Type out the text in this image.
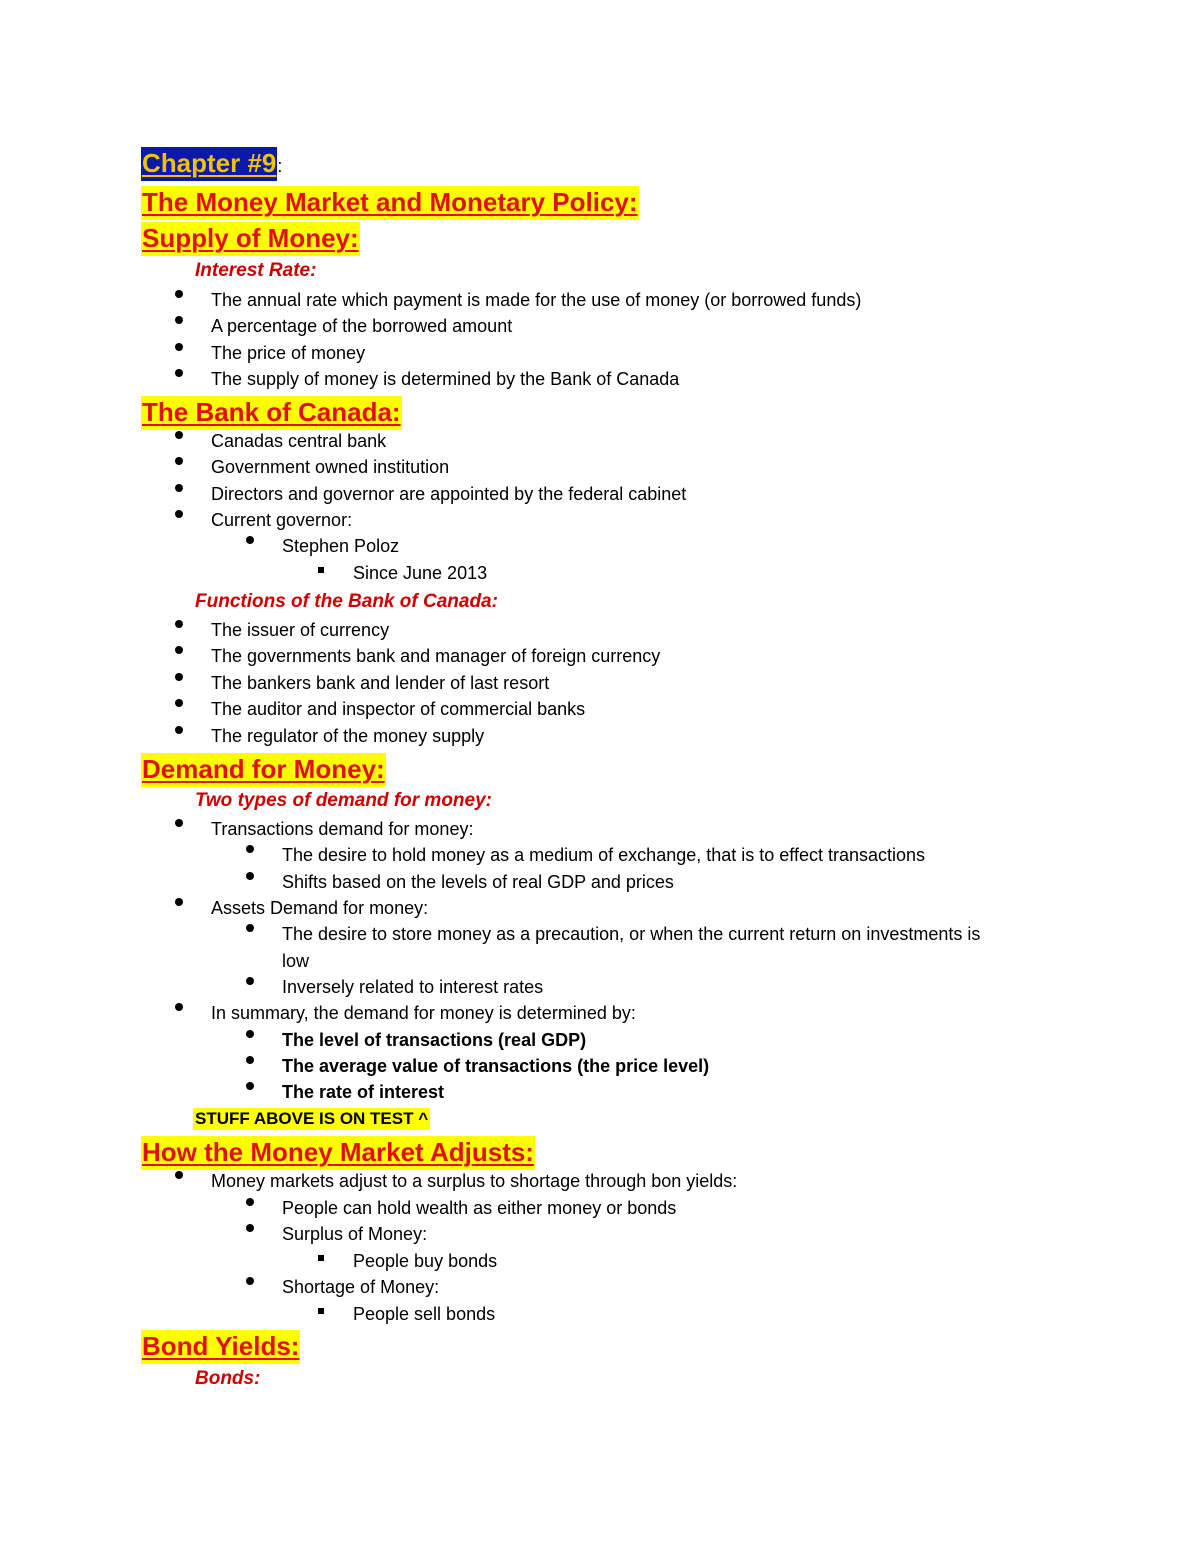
Chapter #9:
The Money Market and Monetary Policy:
Supply of Money:
Interest Rate:
The annual rate which payment is made for the use of money (or borrowed funds)
A percentage of the borrowed amount
The price of money
The supply of money is determined by the Bank of Canada
The Bank of Canada:
Canadas central bank
Government owned institution
Directors and governor are appointed by the federal cabinet
Current governor:
Stephen Poloz
Since June 2013
Functions of the Bank of Canada:
The issuer of currency
The governments bank and manager of foreign currency
The bankers bank and lender of last resort
The auditor and inspector of commercial banks
The regulator of the money supply
Demand for Money:
Two types of demand for money:
Transactions demand for money:
The desire to hold money as a medium of exchange, that is to effect transactions
Shifts based on the levels of real GDP and prices
Assets Demand for money:
The desire to store money as a precaution, or when the current return on investments is
low
Inversely related to interest rates
In summary, the demand for money is determined by:
The level of transactions (real GDP)
The average value of transactions (the price level)
The rate of interest
STUFF ABOVE IS ON TEST ^
How the Money Market Adjusts:
Money markets adjust to a surplus to shortage through bon yields:
People can hold wealth as either money or bonds
Surplus of Money:
People buy bonds
Shortage of Money:
People sell bonds
Bond Yields:
Bonds:
